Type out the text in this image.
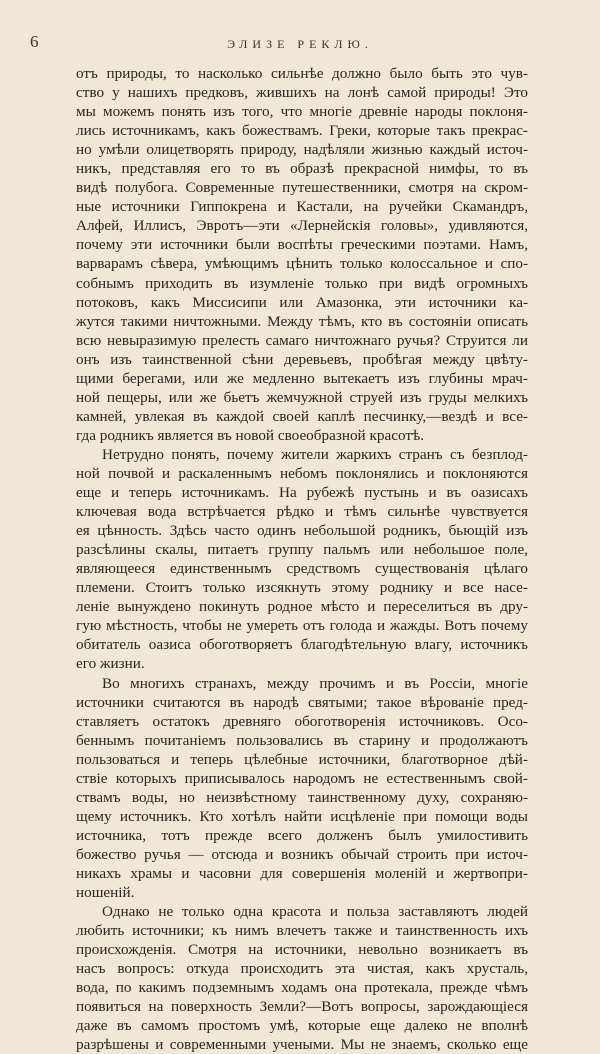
6	ЭЛИЗЕ РЕКЛЮ.
отъ природы, то насколько сильнѣе должно было быть это чув-
ство у нашихъ предковъ, жившихъ на лонѣ самой природы! Это
мы можемъ понять изъ того, что многіе древніе народы поклоня-
лись источникамъ, какъ божествамъ. Греки, которые такъ прекрас-
но умѣли олицетворять природу, надѣляли жизнью каждый источ-
никъ, представляя его то въ образѣ прекрасной нимфы, то въ
видѣ полубога. Современные путешественники, смотря на скром-
ные источники Гиппокрена и Кастали, на ручейки Скамандръ,
Алфей, Иллисъ, Эвротъ—эти «Лернейскія головы», удивляются,
почему эти источники были воспѣты греческими поэтами. Намъ,
варварамъ сѣвера, умѣющимъ цѣнить только колоссальное и спо-
собнымъ приходить въ изумленіе только при видѣ огромныхъ
потоковъ, какъ Миссисипи или Амазонка, эти источники ка-
жутся такими ничтожными. Между тѣмъ, кто въ состояніи описать
всю невыразимую прелесть самаго ничтожнаго ручья? Струится ли
онъ изъ таинственной сѣни деревьевъ, пробѣгая между цвѣту-
щими берегами, или же медленно вытекаетъ изъ глубины мрач-
ной пещеры, или же бьетъ жемчужной струей изъ груды мелкихъ
камней, увлекая въ каждой своей каплѣ песчинку,—вездѣ и все-
гда родникъ является въ новой своеобразной красотѣ.
Нетрудно понять, почему жители жаркихъ странъ съ безплод-
ной почвой и раскаленнымъ небомъ поклонялись и поклоняются
еще и теперь источникамъ. На рубежѣ пустынь и въ оазисахъ
ключевая вода встрѣчается рѣдко и тѣмъ сильнѣе чувствуется
ея цѣнность. Здѣсь часто одинъ небольшой родникъ, бьющій изъ
разсѣлины скалы, питаетъ группу пальмъ или небольшое поле,
являющееся единственнымъ средствомъ существованія цѣлаго
племени. Стоитъ только изсякнуть этому роднику и все насе-
леніе вынуждено покинуть родное мѣсто и переселиться въ дру-
гую мѣстность, чтобы не умереть отъ голода и жажды. Вотъ почему
обитатель оазиса обоготворяетъ благодѣтельную влагу, источникъ
его жизни.
Во многихъ странахъ, между прочимъ и въ Россіи, многіе
источники считаются въ народѣ святыми; такое вѣрованіе пред-
ставляетъ остатокъ древняго обоготворенія источниковъ. Осо-
беннымъ почитаніемъ пользовались въ старину и продолжаютъ
пользоваться и теперь цѣлебные источники, благотворное дѣй-
ствіе которыхъ приписывалось народомъ не естественнымъ свой-
ствамъ воды, но неизвѣстному таинственному духу, сохраняю-
щему источникъ. Кто хотѣлъ найти исцѣленіе при помощи воды
источника, тотъ прежде всего долженъ былъ умилостивить
божество ручья — отсюда и возникъ обычай строить при источ-
никахъ храмы и часовни для совершенія моленій и жертвопри-
ношеній.
Однако не только одна красота и польза заставляютъ людей
любить источники; къ нимъ влечетъ также и таинственность ихъ
происхожденія. Смотря на источники, невольно возникаетъ въ
насъ вопросъ: откуда происходитъ эта чистая, какъ хрусталь,
вода, по какимъ подземнымъ ходамъ она протекала, прежде чѣмъ
появиться на поверхность Земли?—Вотъ вопросы, зарождающіеся
даже въ самомъ простомъ умѣ, которые еще далеко не вполнѣ
разрѣшены и современными учеными. Мы не знаемъ, сколько еще
